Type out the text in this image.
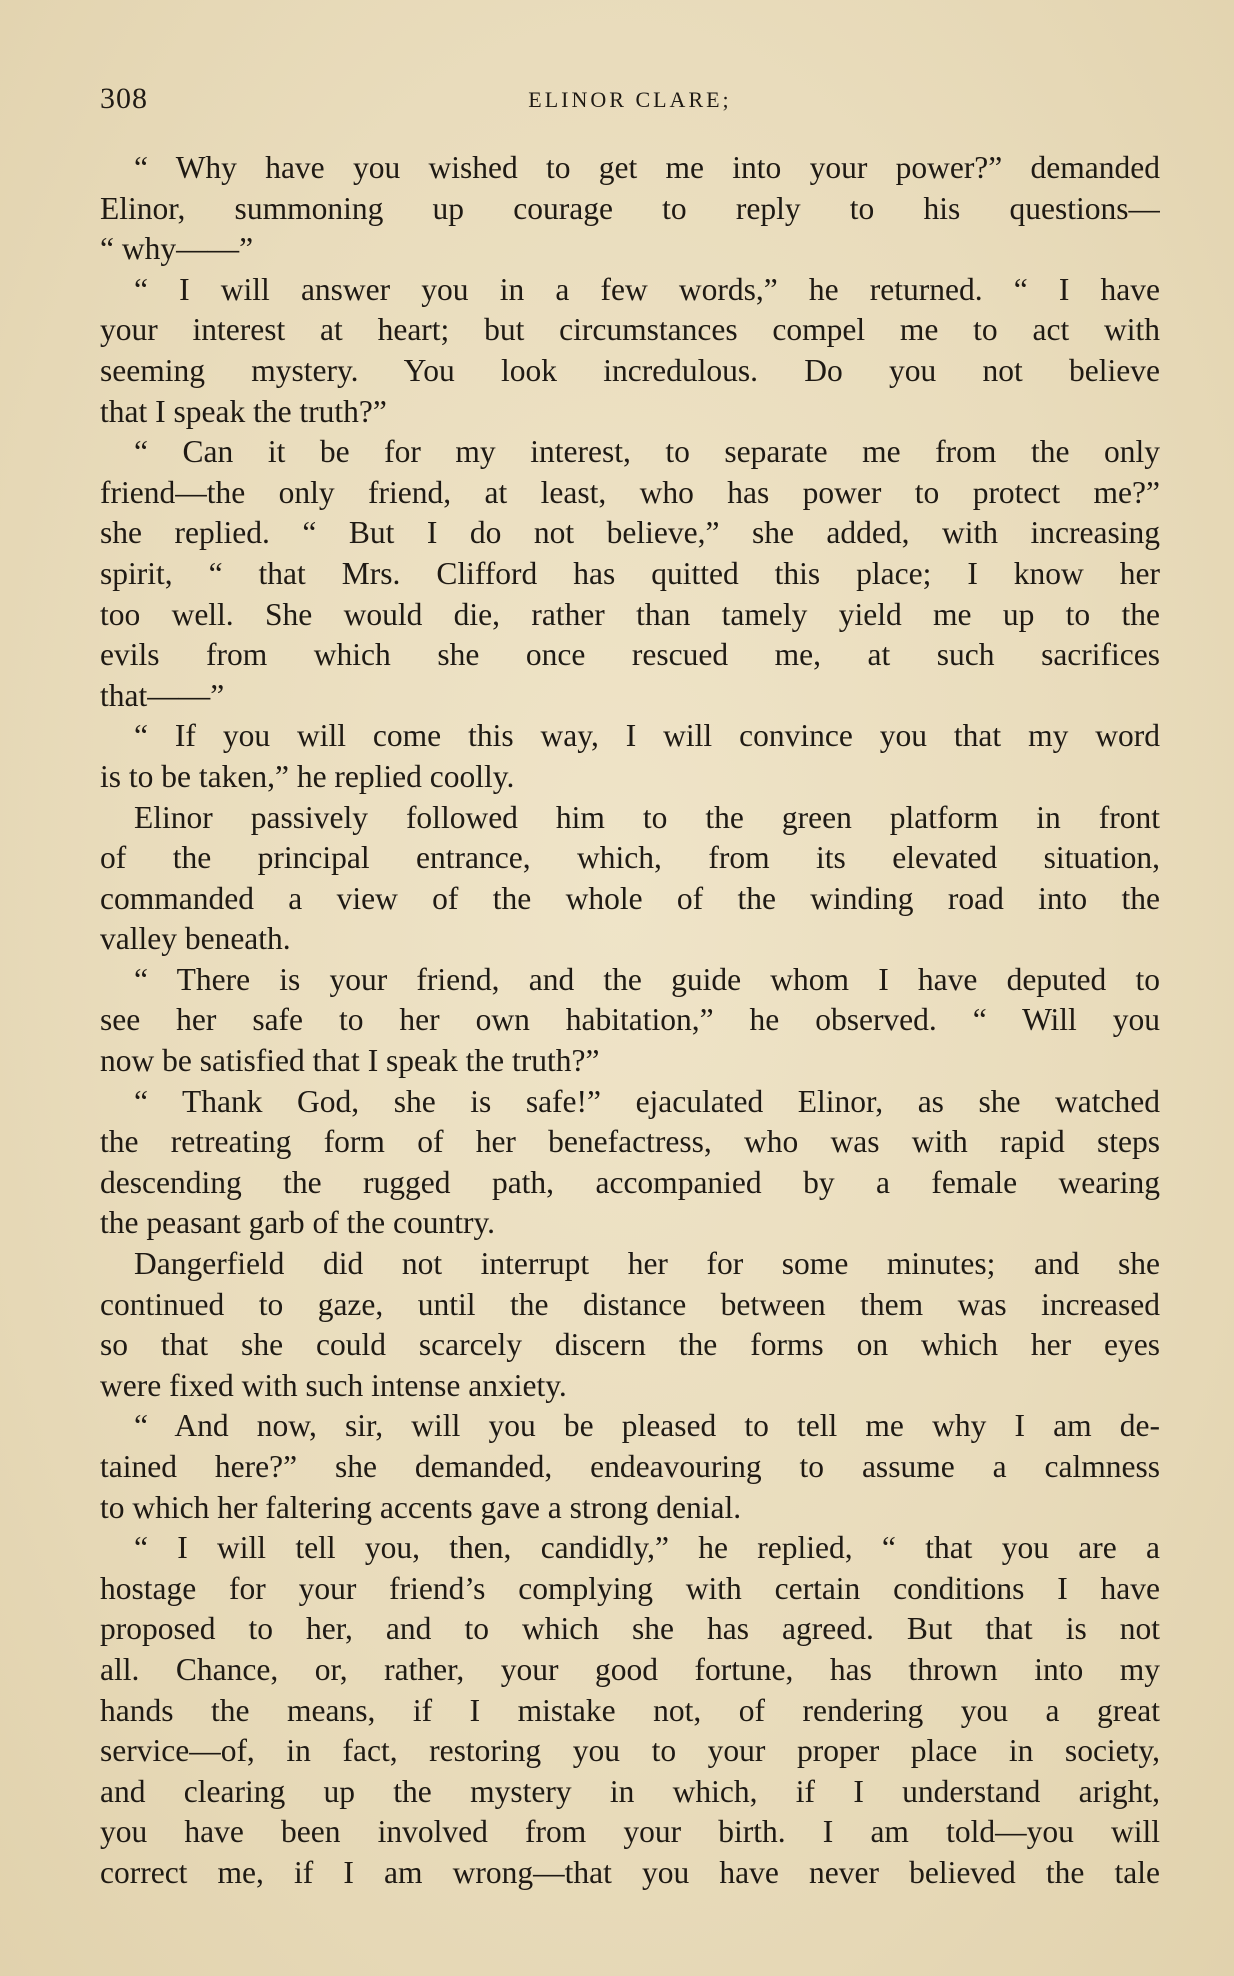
308	ELINOR CLARE;
“ Why have you wished to get me into your power?” demanded
Elinor, summoning up courage to reply to his questions—
“ why——”
“ I will answer you in a few words,” he returned. “ I have
your interest at heart; but circumstances compel me to act with
seeming mystery. You look incredulous. Do you not believe
that I speak the truth?”
“ Can it be for my interest, to separate me from the only
friend—the only friend, at least, who has power to protect me?”
she replied. “ But I do not believe,” she added, with increasing
spirit, “ that Mrs. Clifford has quitted this place; I know her
too well. She would die, rather than tamely yield me up to the
evils from which she once rescued me, at such sacrifices
that——”
“ If you will come this way, I will convince you that my word
is to be taken,” he replied coolly.
Elinor passively followed him to the green platform in front
of the principal entrance, which, from its elevated situation,
commanded a view of the whole of the winding road into the
valley beneath.
“ There is your friend, and the guide whom I have deputed to
see her safe to her own habitation,” he observed. “ Will you
now be satisfied that I speak the truth?”
“ Thank God, she is safe!” ejaculated Elinor, as she watched
the retreating form of her benefactress, who was with rapid steps
descending the rugged path, accompanied by a female wearing
the peasant garb of the country.
Dangerfield did not interrupt her for some minutes; and she
continued to gaze, until the distance between them was increased
so that she could scarcely discern the forms on which her eyes
were fixed with such intense anxiety.
“ And now, sir, will you be pleased to tell me why I am de-
tained here?” she demanded, endeavouring to assume a calmness
to which her faltering accents gave a strong denial.
“ I will tell you, then, candidly,” he replied, “ that you are a
hostage for your friend’s complying with certain conditions I have
proposed to her, and to which she has agreed. But that is not
all. Chance, or, rather, your good fortune, has thrown into my
hands the means, if I mistake not, of rendering you a great
service—of, in fact, restoring you to your proper place in society,
and clearing up the mystery in which, if I understand aright,
you have been involved from your birth. I am told—you will
correct me, if I am wrong—that you have never believed the tale
